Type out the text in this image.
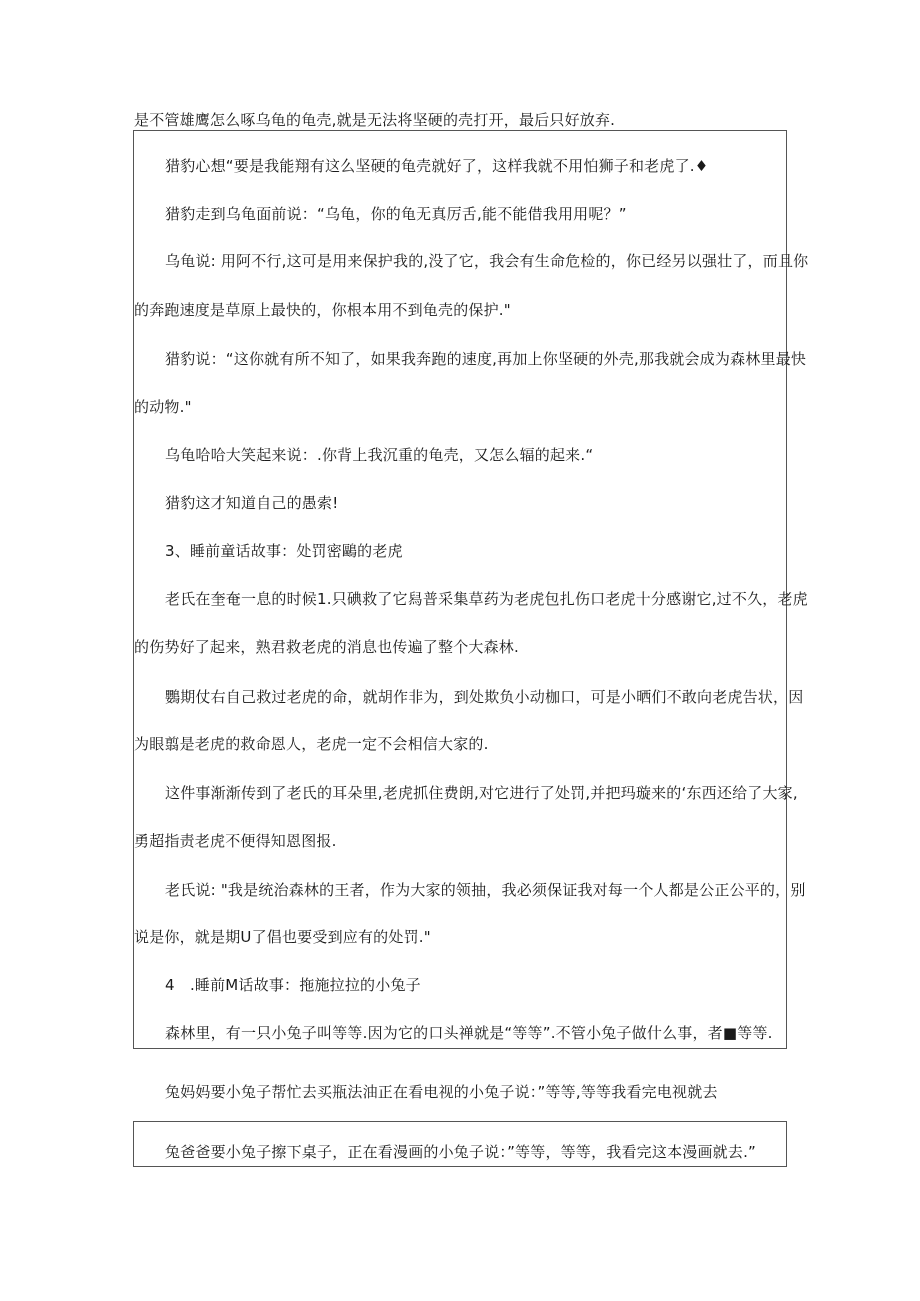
是不管雄鹰怎么啄乌龟的龟壳,就是无法将坚硬的壳打开，最后只好放弃.
猎豹心想“要是我能翔有这么坚硬的龟壳就好了，这样我就不用怕狮子和老虎了.♦
猎豹走到乌龟面前说：“乌龟，你的龟无真厉舌,能不能借我用用呢？”
乌龟说: 用阿不行,这可是用来保护我的,没了它，我会有生命危检的，你已经另以强壮了，而且你
的奔跑速度是草原上最快的，你根本用不到龟壳的保护."
猎豹说：“这你就有所不知了，如果我奔跑的速度,再加上你坚硬的外壳,那我就会成为森林里最快
的动物."
乌龟哈哈大笑起来说：.你背上我沉重的龟壳，又怎么辐的起来.“
猎豹这才知道自己的愚索!
3、睡前童话故事：处罚密鷗的老虎
老氏在奎奄一息的时候1.只碘救了它舄普采集草药为老虎包扎伤口老虎十分感谢它,过不久，老虎
的伤势好了起来，熟君救老虎的消息也传遍了整个大森林.
鸚期仗右自己救过老虎的命，就胡作非为，到处欺负小动枷口，可是小晒们不敢向老虎告状，因
为眼翦是老虎的救命恩人，老虎一定不会相信大家的.
这件事渐渐传到了老氏的耳朵里,老虎抓住费朗,对它进行了处罚,并把玛璇来的‘东西还给了大家,
勇超指责老虎不便得知恩图报.
老氏说: "我是统治森林的王者，作为大家的领抽，我必须保证我对每一个人都是公正公平的，别
说是你，就是期U了倡也要受到应有的处罚."
4　.睡前M话故事：拖施拉拉的小兔子
森林里，有一只小兔子叫等等.因为它的口头禅就是“等等”.不管小兔子做什么事，者■等等.
兔妈妈要小兔子帮忙去买瓶法油正在看电视的小兔子说：”等等,等等我看完电视就去
兔爸爸要小兔子擦下桌子，正在看漫画的小兔子说：”等等，等等，我看完这本漫画就去.”
